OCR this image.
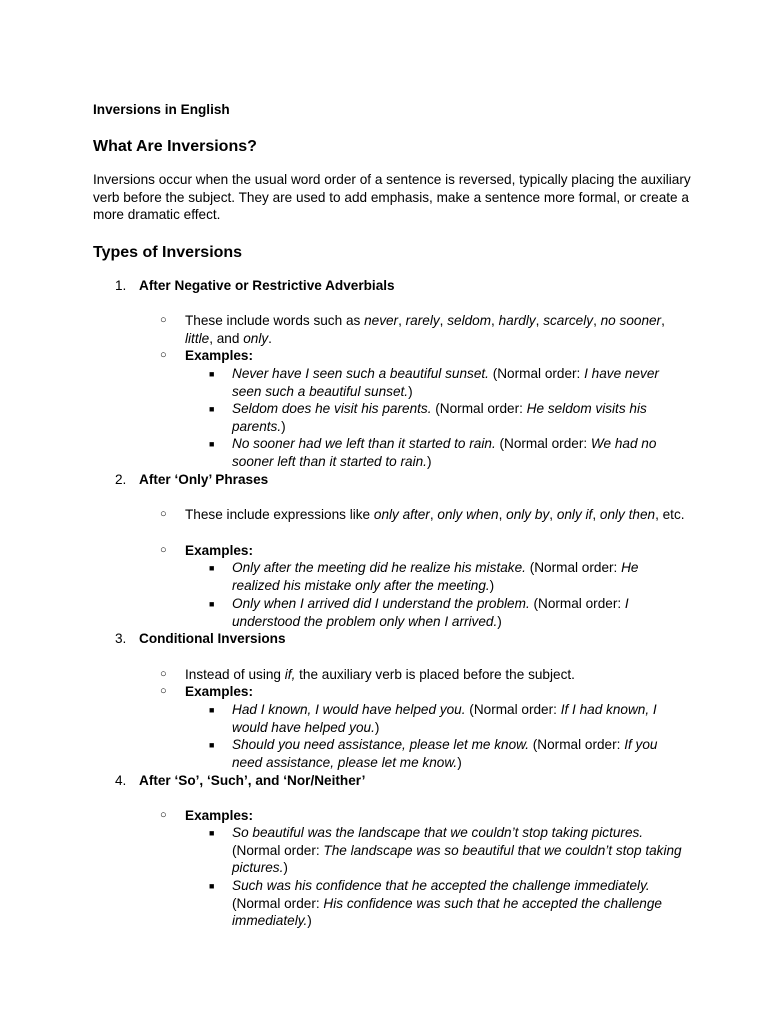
Inversions in English

What Are Inversions?

Inversions occur when the usual word order of a sentence is reversed, typically placing the auxiliary verb before the subject. They are used to add emphasis, make a sentence more formal, or create a more dramatic effect.

Types of Inversions

1. After Negative or Restrictive Adverbials
○ These include words such as never, rarely, seldom, hardly, scarcely, no sooner, little, and only.

○ Examples:

■ Never have I seen such a beautiful sunset. (Normal order: I have never seen such a beautiful sunset.)

■ Seldom does he visit his parents. (Normal order: He seldom visits his parents.)

■ No sooner had we left than it started to rain. (Normal order: We had no sooner left than it started to rain.)

2. After ‘Only’ Phrases
○ These include expressions like only after, only when, only by, only if, only then, etc.

○ Examples:

■ Only after the meeting did he realize his mistake. (Normal order: He realized his mistake only after the meeting.)

■ Only when I arrived did I understand the problem. (Normal order: I understood the problem only when I arrived.)

3. Conditional Inversions
○ Instead of using if, the auxiliary verb is placed before the subject.

○ Examples:

■ Had I known, I would have helped you. (Normal order: If I had known, I would have helped you.)

■ Should you need assistance, please let me know. (Normal order: If you need assistance, please let me know.)

4. After ‘So’, ‘Such’, and ‘Nor/Neither’
○ Examples:

■ So beautiful was the landscape that we couldn’t stop taking pictures. (Normal order: The landscape was so beautiful that we couldn’t stop taking pictures.)

■ Such was his confidence that he accepted the challenge immediately. (Normal order: His confidence was such that he accepted the challenge immediately.)
